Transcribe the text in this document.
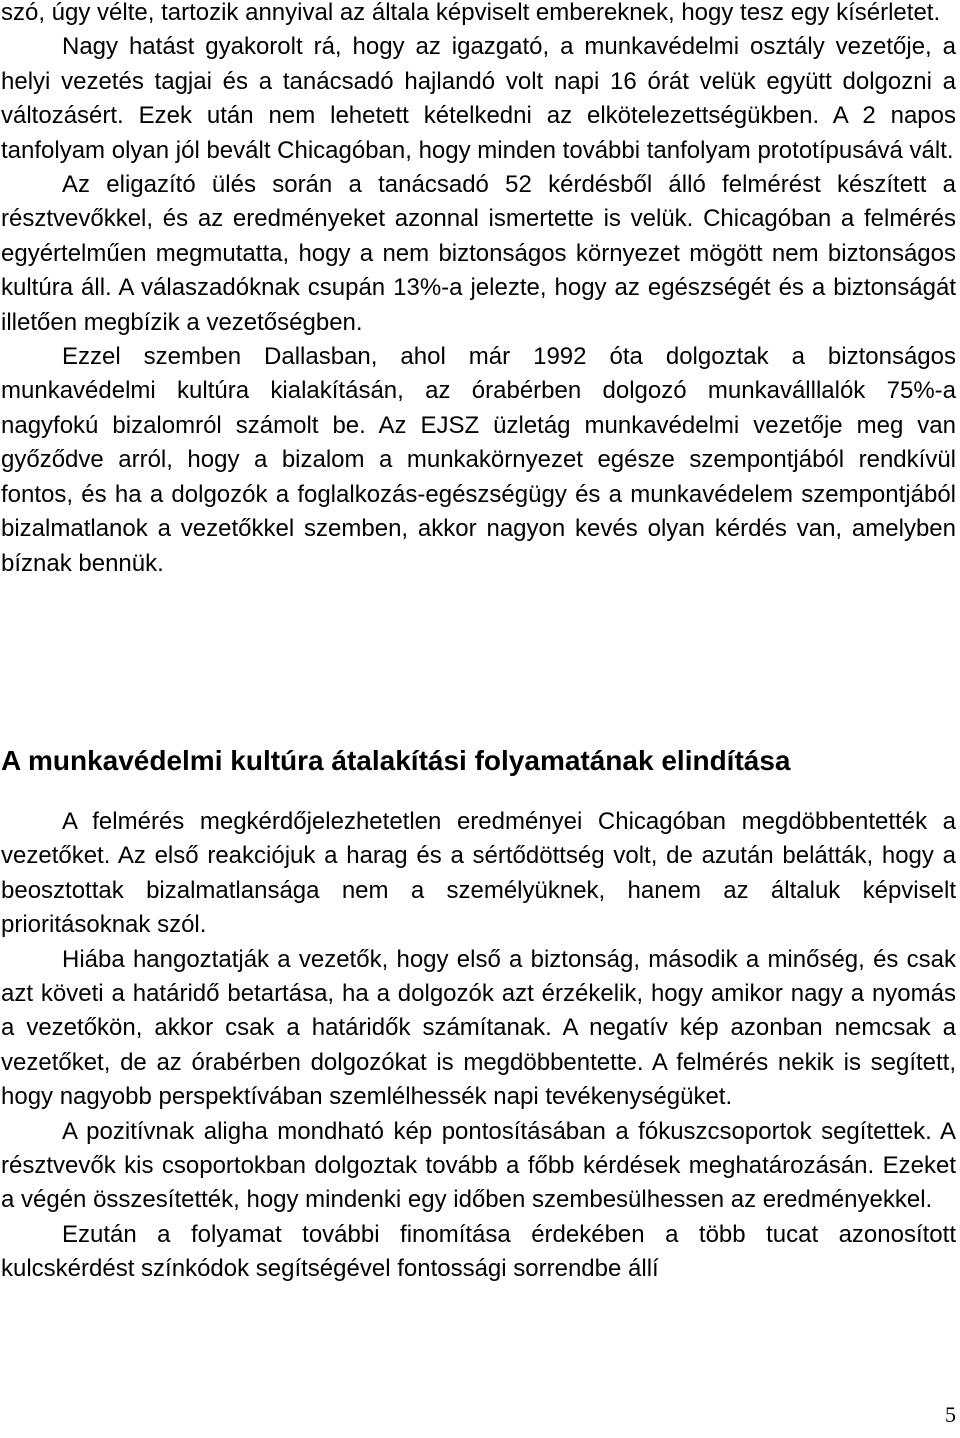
szó, úgy vélte, tartozik annyival az általa képviselt embereknek, hogy tesz egy kísérletet.

Nagy hatást gyakorolt rá, hogy az igazgató, a munkavédelmi osztály vezetője, a helyi vezetés tagjai és a tanácsadó hajlandó volt napi 16 órát velük együtt dolgozni a változásért. Ezek után nem lehetett kételkedni az elkötelezettségükben. A 2 napos tanfolyam olyan jól bevált Chicagóban, hogy minden további tanfolyam prototípusává vált.

Az eligazító ülés során a tanácsadó 52 kérdésből álló felmérést készített a résztvevőkkel, és az eredményeket azonnal ismertette is velük. Chicagóban a felmérés egyértelműen megmutatta, hogy a nem biztonságos környezet mögött nem biztonságos kultúra áll. A válaszadóknak csupán 13%-a jelezte, hogy az egészségét és a biztonságát illetően megbízik a vezetőségben.

Ezzel szemben Dallasban, ahol már 1992 óta dolgoztak a biztonságos munkavédelmi kultúra kialakításán, az órabérben dolgozó munkaválllalók 75%-a nagyfokú bizalomról számolt be. Az EJSZ üzletág munkavédelmi vezetője meg van győződve arról, hogy a bizalom a munkakörnyezet egésze szempontjából rendkívül fontos, és ha a dolgozók a foglalkozás-egészségügy és a munkavédelem szempontjából bizalmatlanok a vezetőkkel szemben, akkor nagyon kevés olyan kérdés van, amelyben bíznak bennük.

A munkavédelmi kultúra átalakítási folyamatának elindítása

A felmérés megkérdőjelezhetetlen eredményei Chicagóban megdöbbentették a vezetőket. Az első reakciójuk a harag és a sértődöttség volt, de azután belátták, hogy a beosztottak bizalmatlansága nem a személyüknek, hanem az általuk képviselt prioritásoknak szól.

Hiába hangoztatják a vezetők, hogy első a biztonság, második a minőség, és csak azt követi a határidő betartása, ha a dolgozók azt érzékelik, hogy amikor nagy a nyomás a vezetőkön, akkor csak a határidők számítanak. A negatív kép azonban nemcsak a vezetőket, de az órabérben dolgozókat is megdöbbentette. A felmérés nekik is segített, hogy nagyobb perspektívában szemlélhessék napi tevékenységüket.

A pozitívnak aligha mondható kép pontosításában a fókuszcsoportok segítettek. A résztvevők kis csoportokban dolgoztak tovább a főbb kérdések meghatározásán. Ezeket a végén összesítették, hogy mindenki egy időben szembesülhessen az eredményekkel.

Ezután a folyamat további finomítása érdekében a több tucat azonosított kulcskérdést színkódok segítségével fontossági sorrendbe állí

5
